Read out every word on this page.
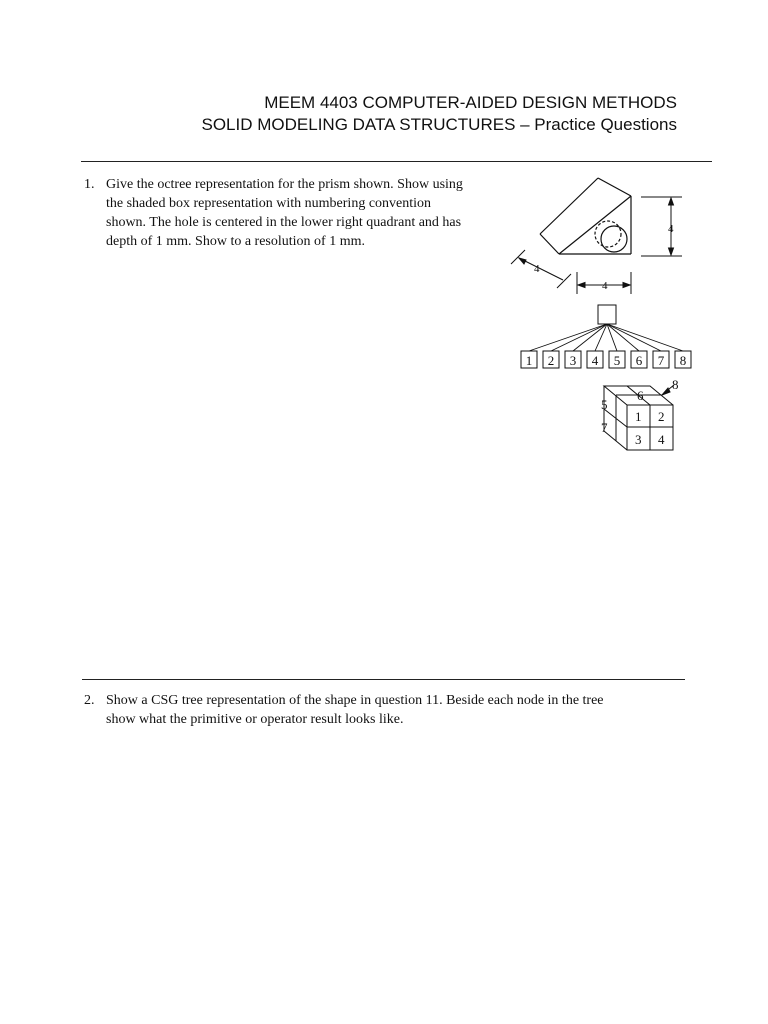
MEEM 4403 COMPUTER-AIDED DESIGN METHODS
SOLID MODELING DATA STRUCTURES – Practice Questions
1. Give the octree representation for the prism shown. Show using
the shaded box representation with numbering convention
shown. The hole is centered in the lower right quadrant and has
depth of 1 mm. Show to a resolution of 1 mm.
4
4
4
1 2 3 4 5 6 7 8
1 2
3 4
5
6
7
8
2. Show a CSG tree representation of the shape in question 11. Beside each node in the tree
show what the primitive or operator result looks like.
